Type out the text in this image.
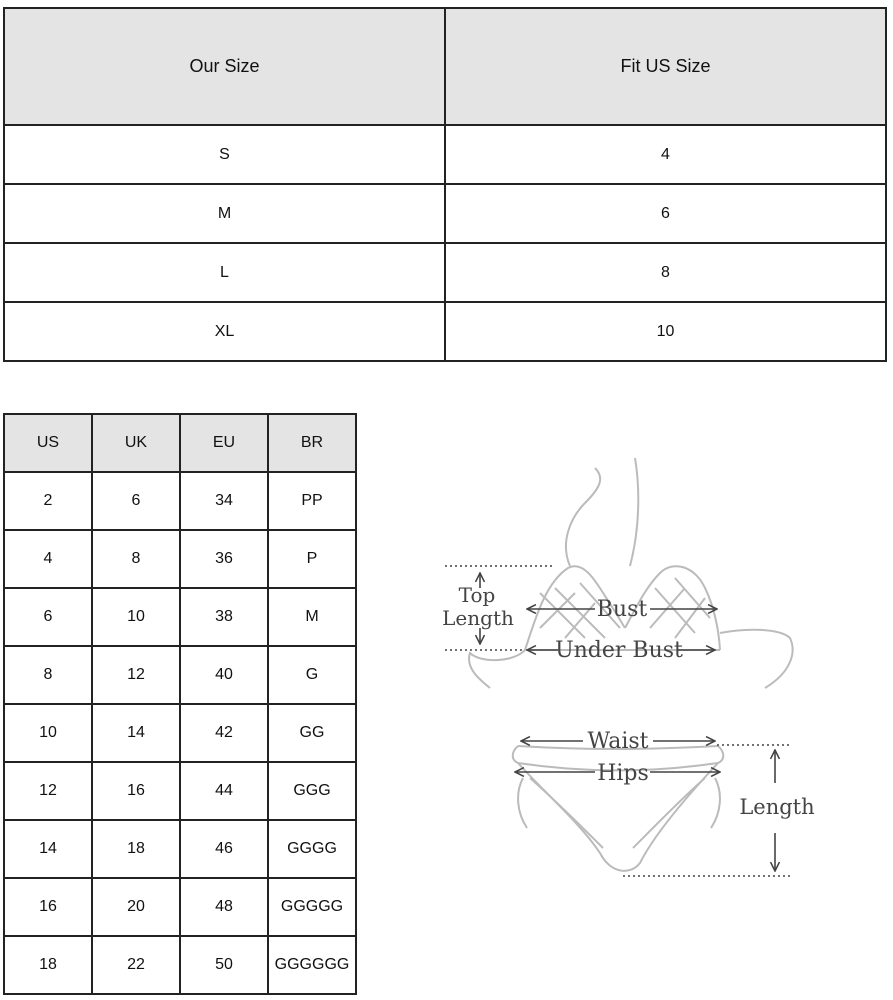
Our Size	Fit US Size
S	4
M	6
L	8
XL	10
US	UK	EU	BR
2	6	34	PP
4	8	36	P
6	10	38	M
8	12	40	G
10	14	42	GG
12	16	44	GGG
14	18	46	GGGG
16	20	48	GGGGG
18	22	50	GGGGGG
Top
Length	Bust
Under Bust
Waist
Hips
Length
